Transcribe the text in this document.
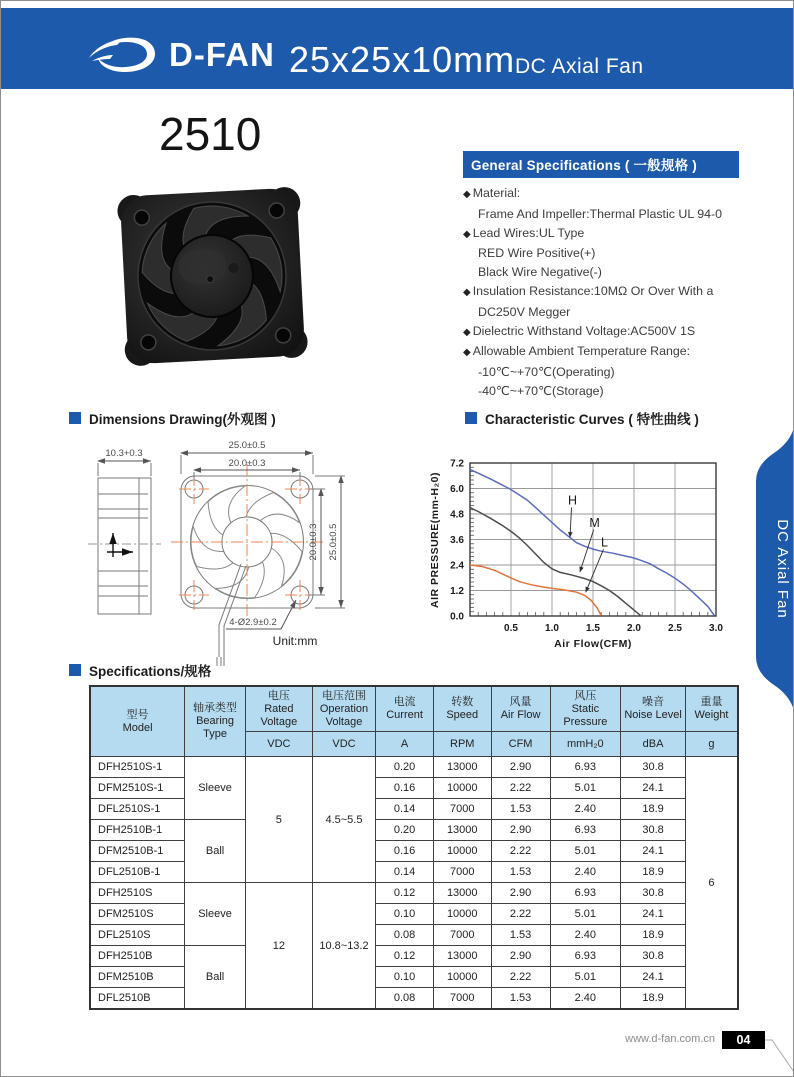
D-FAN 25x25x10mm DC Axial Fan
2510
General Specifications ( 一般规格 )
◆ Material:
Frame And Impeller:Thermal Plastic UL 94-0
◆ Lead Wires:UL Type
RED Wire Positive(+)
Black Wire Negative(-)
◆ Insulation Resistance:10MΩ Or Over With a
DC250V Megger
◆ Dielectric Withstand Voltage:AC500V 1S
◆ Allowable Ambient Temperature Range:
-10℃~+70℃(Operating)
-40℃~+70℃(Storage)
Dimensions Drawing(外观图 )	Characteristic Curves ( 特性曲线 )
Specifications/规格
10.3+0.3
25.0±0.5
20.0±0.3
20.0±0.3 25.0±0.5
4-Ø2.9±0.2
Unit:mm
0.5	1.0	1.5	2.0	2.5	3.0
0.0
1.2
2.4
3.6
4.8
6.0
7.2
H
M
L
Air Flow(CFM)
AIR PRESSURE(mm-H₂0)
型号
Model

轴承类型
Bearing Type

电压
Rated Voltage

电压范围
Operation Voltage

电流
Current

转数
Speed

风量
Air Flow

风压
Static Pressure

噪音
Noise Level

重量
Weight

		VDC	VDC	A	RPM	CFM	mmH₂0	dBA	g
DFH2510S-1	Sleeve	5	4.5~5.5	0.20	13000	2.90	6.93	30.8	6
DFM2510S-1				0.16	10000	2.22	5.01	24.1	
DFL2510S-1				0.14	7000	1.53	2.40	18.9	
DFH2510B-1	Ball			0.20	13000	2.90	6.93	30.8	
DFM2510B-1				0.16	10000	2.22	5.01	24.1	
DFL2510B-1				0.14	7000	1.53	2.40	18.9	
DFH2510S	Sleeve	12	10.8~13.2	0.12	13000	2.90	6.93	30.8	
DFM2510S				0.10	10000	2.22	5.01	24.1	
DFL2510S				0.08	7000	1.53	2.40	18.9	
DFH2510B	Ball			0.12	13000	2.90	6.93	30.8	
DFM2510B				0.10	10000	2.22	5.01	24.1	
DFL2510B				0.08	7000	1.53	2.40	18.9	
www.d-fan.com.cn	04
DC Axial Fan
